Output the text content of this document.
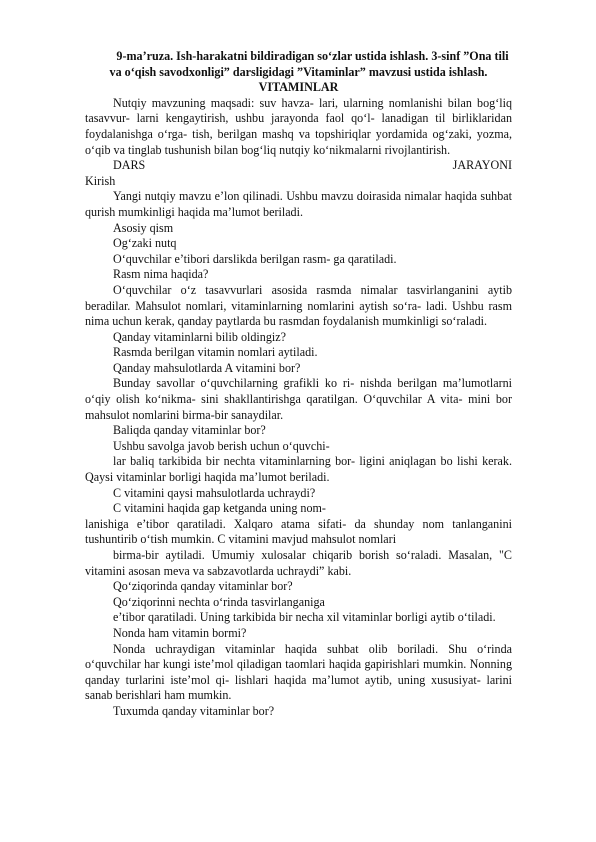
9-ma’ruza. Ish-harakatni bildiradigan so‘zlar ustida ishlash. 3-sinf ”Ona tili va o‘qish savodxonligi” darsligidagi ”Vitaminlar” mavzusi ustida ishlash.

VITAMINLAR

Nutqiy mavzuning maqsadi: suv havza- lari, ularning nomlanishi bilan bog‘liq tasavvur- larni kengaytirish, ushbu jarayonda faol qo‘l- lanadigan til birliklaridan foydalanishga o‘rga- tish, berilgan mashq va topshiriqlar yordamida og‘zaki, yozma, o‘qib va tinglab tushunish bilan bog‘liq nutqiy ko‘nikmalarni rivojlantirish.

DARS	JARAYONI

Kirish

Yangi nutqiy mavzu e’lon qilinadi. Ushbu mavzu doirasida nimalar haqida suhbat qurish mumkinligi haqida ma’lumot beriladi.

Asosiy qism

Og‘zaki nutq

O‘quvchilar e’tibori darslikda berilgan rasm- ga qaratiladi.

Rasm nima haqida?

O‘quvchilar o‘z tasavvurlari asosida rasmda nimalar tasvirlanganini aytib beradilar. Mahsulot nomlari, vitaminlarning nomlarini aytish so‘ra- ladi. Ushbu rasm nima uchun kerak, qanday paytlarda bu rasmdan foydalanish mumkinligi so‘raladi.

Qanday vitaminlarni bilib oldingiz?

Rasmda berilgan vitamin nomlari aytiladi.

Qanday mahsulotlarda A vitamini bor?

Bunday savollar o‘quvchilarning grafikli ko ri- nishda berilgan ma’lumotlarni o‘qiy olish ko‘nikma- sini shakllantirishga qaratilgan. O‘quvchilar A vita- mini bor mahsulot nomlarini birma-bir sanaydilar.

Baliqda qanday vitaminlar bor?

Ushbu savolga javob berish uchun o‘quvchi-

lar baliq tarkibida bir nechta vitaminlarning bor- ligini aniqlagan bo lishi kerak. Qaysi vitaminlar borligi haqida ma’lumot beriladi.

C vitamini qaysi mahsulotlarda uchraydi?

C vitamini haqida gap ketganda uning nom-

lanishiga e’tibor qaratiladi. Xalqaro atama sifati- da shunday nom tanlanganini tushuntirib o‘tish mumkin. C vitamini mavjud mahsulot nomlari

birma-bir aytiladi. Umumiy xulosalar chiqarib borish so‘raladi. Masalan, "C vitamini asosan meva va sabzavotlarda uchraydi” kabi.

Qo‘ziqorinda qanday vitaminlar bor?

Qo‘ziqorinni nechta o‘rinda tasvirlanganiga

e’tibor qaratiladi. Uning tarkibida bir necha xil vitaminlar borligi aytib o‘tiladi.

Nonda ham vitamin bormi?

Nonda uchraydigan vitaminlar haqida suhbat olib boriladi. Shu o‘rinda o‘quvchilar har kungi iste’mol qiladigan taomlari haqida gapirishlari mumkin. Nonning qanday turlarini iste’mol qi- lishlari haqida ma’lumot aytib, uning xususiyat- larini sanab berishlari ham mumkin.

Tuxumda qanday vitaminlar bor?
